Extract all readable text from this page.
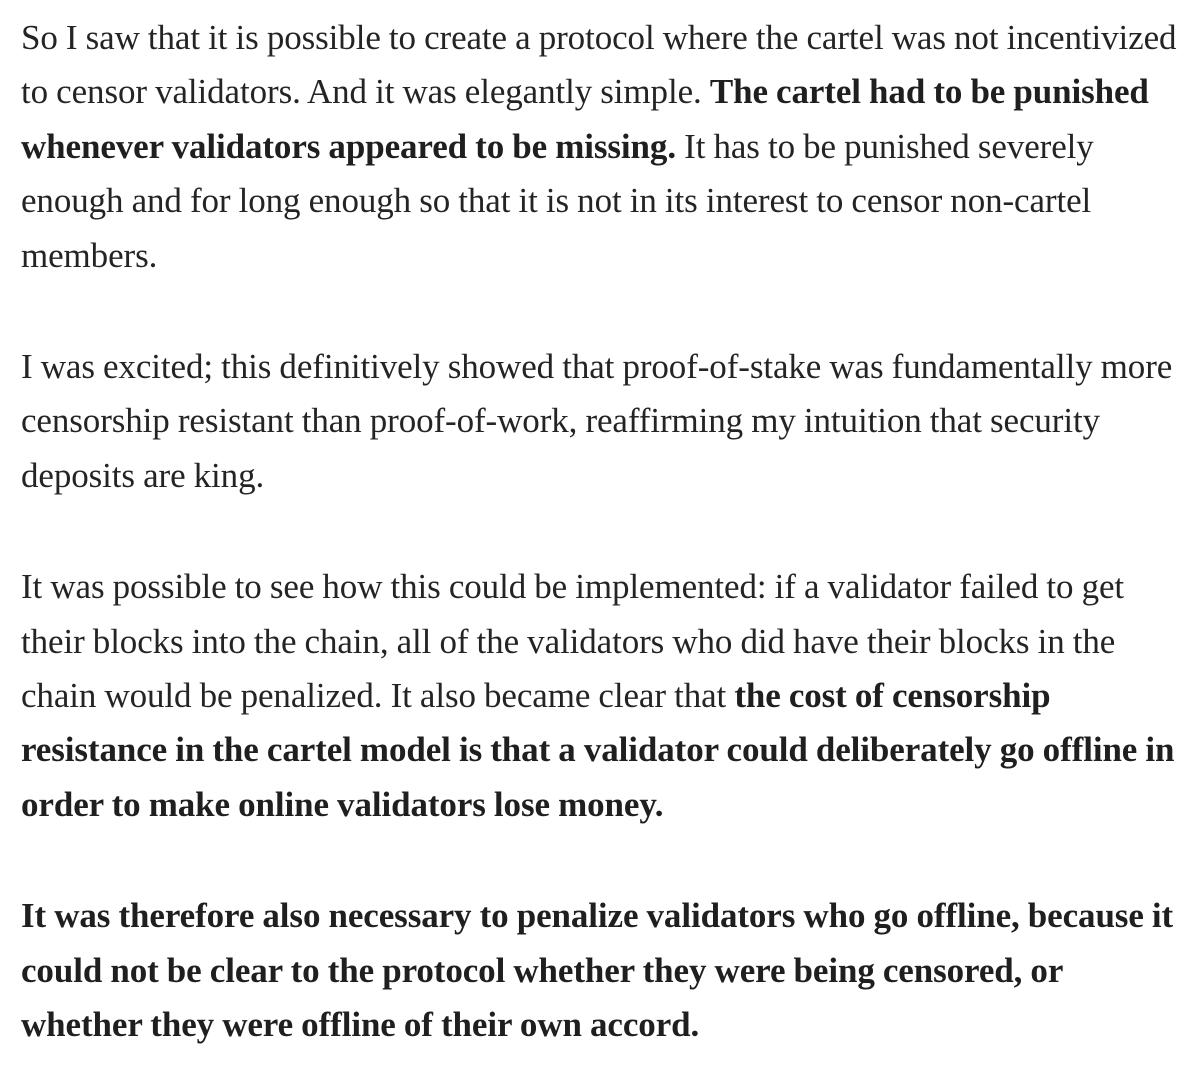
So I saw that it is possible to create a protocol where the cartel was not incentivized to censor validators. And it was elegantly simple. The cartel had to be punished whenever validators appeared to be missing. It has to be punished severely enough and for long enough so that it is not in its interest to censor non-cartel members.

I was excited; this definitively showed that proof-of-stake was fundamentally more censorship resistant than proof-of-work, reaffirming my intuition that security deposits are king.

It was possible to see how this could be implemented: if a validator failed to get their blocks into the chain, all of the validators who did have their blocks in the chain would be penalized. It also became clear that the cost of censorship resistance in the cartel model is that a validator could deliberately go offline in order to make online validators lose money.

It was therefore also necessary to penalize validators who go offline, because it could not be clear to the protocol whether they were being censored, or whether they were offline of their own accord.
